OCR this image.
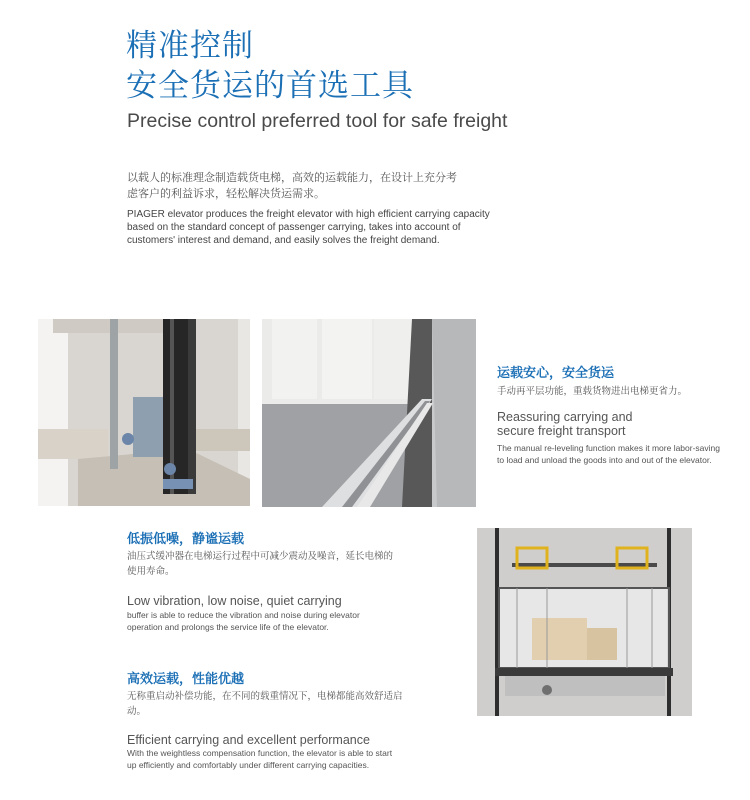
精准控制
安全货运的首选工具
Precise control preferred tool for safe freight
以载人的标准理念制造载货电梯，高效的运载能力，在设计上充分考虑客户的利益诉求，轻松解决货运需求。
PIAGER elevator produces the freight elevator with high efficient carrying capacity based on the standard concept of passenger carrying, takes into account of customers' interest and demand, and easily solves the freight demand.
运载安心，安全货运
手动再平层功能，重载货物进出电梯更省力。
Reassuring carrying and secure freight transport
The manual re-leveling function makes it more labor-saving to load and unload the goods into and out of the elevator.
低振低噪，静谧运载
油压式缓冲器在电梯运行过程中可减少震动及噪音，延长电梯的使用寿命。
Low vibration, low noise, quiet carrying
buffer is able to reduce the vibration and noise during elevator operation and prolongs the service life of the elevator.
高效运载，性能优越
无称重启动补偿功能，在不同的载重情况下，电梯都能高效舒适启动。
Efficient carrying and excellent performance
With the weightless compensation function, the elevator is able to start up efficiently and comfortably under different carrying capacities.
